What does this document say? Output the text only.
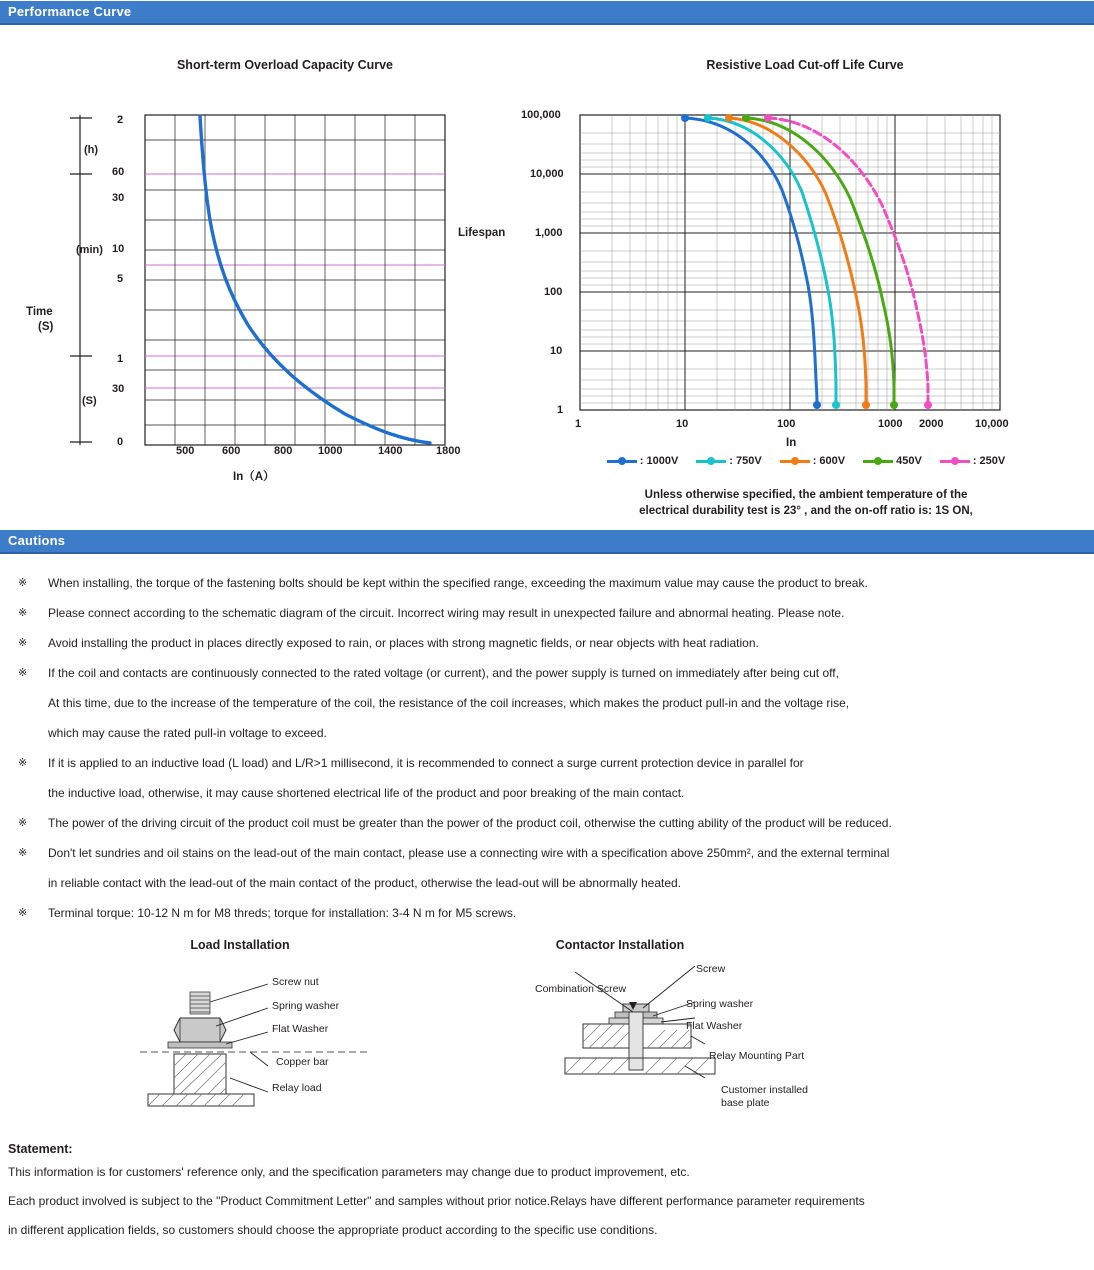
Performance Curve
Short-term Overload Capacity Curve	Resistive Load Cut-off Life Curve
Time
(S)
(h)
(min)
(S)
2
60
30
10
5
1
30
0
500	600	800 1000	1400	1800
In（A）
Lifespan
100,000
10,000
1,000
100
10
1
1	10	100	1000 2000	10,000
In
: 1000V	: 750V	: 600V	450V	: 250V
Unless otherwise specified, the ambient temperature of the
electrical durability test is 23° , and the on-off ratio is: 1S ON,
Cautions
※	When installing, the torque of the fastening bolts should be kept within the specified range, exceeding the maximum value may cause the product to break.
※	Please connect according to the schematic diagram of the circuit. Incorrect wiring may result in unexpected failure and abnormal heating. Please note.
※	Avoid installing the product in places directly exposed to rain, or places with strong magnetic fields, or near objects with heat radiation.
※	If the coil and contacts are continuously connected to the rated voltage (or current), and the power supply is turned on immediately after being cut off,
At this time, due to the increase of the temperature of the coil, the resistance of the coil increases, which makes the product pull-in and the voltage rise,
which may cause the rated pull-in voltage to exceed.
※	If it is applied to an inductive load (L load) and L/R>1 millisecond, it is recommended to connect a surge current protection device in parallel for
the inductive load, otherwise, it may cause shortened electrical life of the product and poor breaking of the main contact.
※	The power of the driving circuit of the product coil must be greater than the power of the product coil, otherwise the cutting ability of the product will be reduced.
※	Don't let sundries and oil stains on the lead-out of the main contact, please use a connecting wire with a specification above 250mm², and the external terminal
in reliable contact with the lead-out of the main contact of the product, otherwise the lead-out will be abnormally heated.
※	Terminal torque: 10-12 N m for M8 threds; torque for installation: 3-4 N m for M5 screws.
Load Installation	Contactor Installation
Screw nut
Spring washer
Flat Washer
Copper bar
Relay load
Screw
Spring washer
Flat Washer
Relay Mounting Part
Customer installed
base plate
Combination Screw
Statement:

This information is for customers' reference only, and the specification parameters may change due to product improvement, etc.

Each product involved is subject to the "Product Commitment Letter" and samples without prior notice.Relays have different performance parameter requirements

in different application fields, so customers should choose the appropriate product according to the specific use conditions.
